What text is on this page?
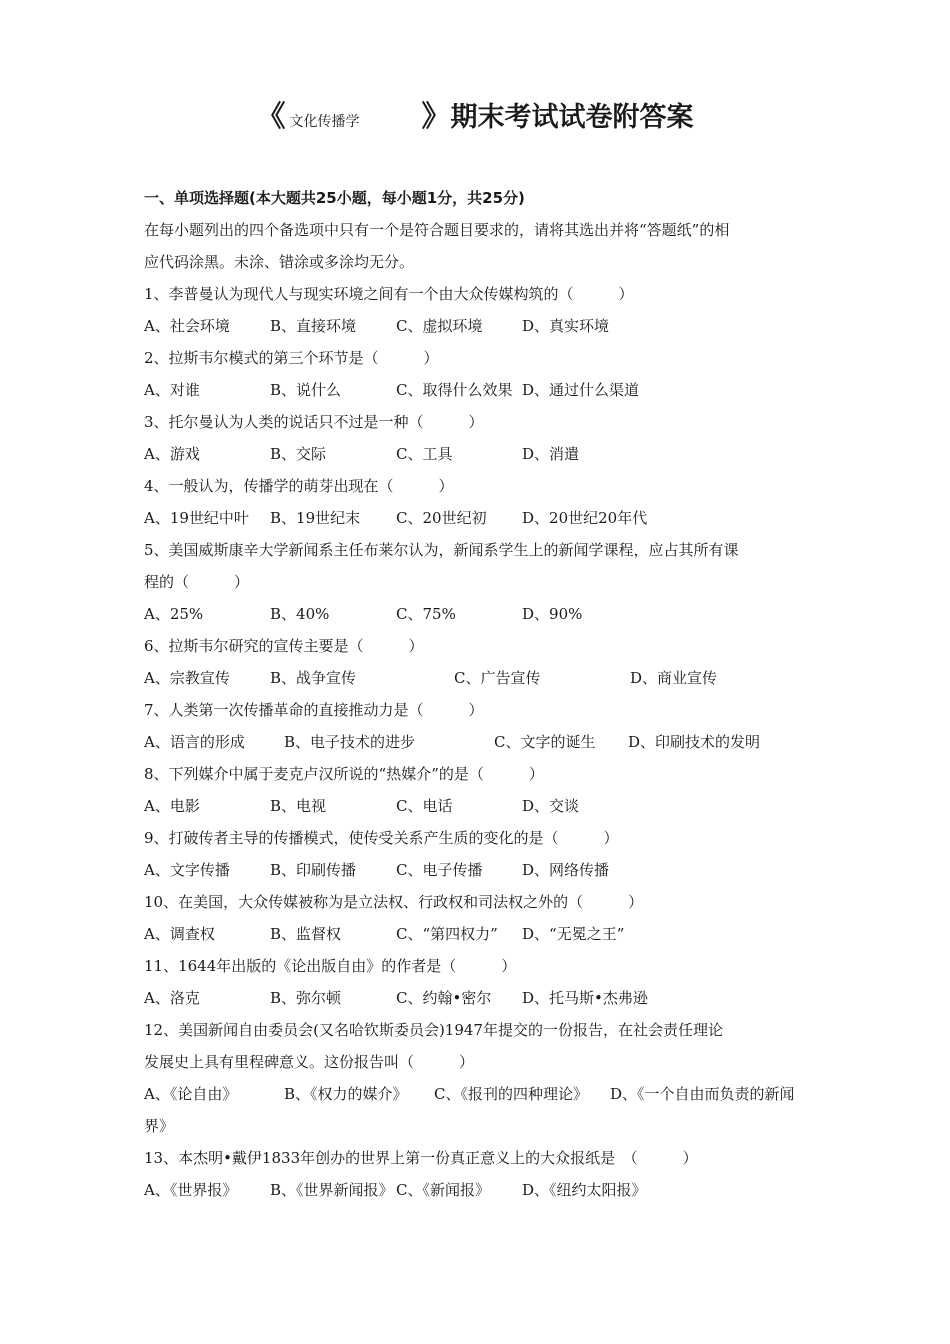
《 文化传播学 》期末考试试卷附答案
一、单项选择题(本大题共25小题，每小题1分，共25分)
在每小题列出的四个备选项中只有一个是符合题目要求的，请将其选出并将“答题纸”的相
应代码涂黑。未涂、错涂或多涂均无分。
1、李普曼认为现代人与现实环境之间有一个由大众传媒构筑的（　　　）
A、社会环境	B、直接环境	C、虚拟环境	D、真实环境
2、拉斯韦尔模式的第三个环节是（　　　）
A、对谁	B、说什么	C、取得什么效果 D、通过什么渠道
3、托尔曼认为人类的说话只不过是一种（　　　）
A、游戏	B、交际	C、工具	D、消遣
4、一般认为，传播学的萌芽出现在（　　　）
A、19世纪中叶 B、19世纪末 C、20世纪初 D、20世纪20年代
5、美国威斯康辛大学新闻系主任布莱尔认为，新闻系学生上的新闻学课程，应占其所有课
程的（　　　）
A、25%	B、40%	C、75%	D、90%
6、拉斯韦尔研究的宣传主要是（　　　）
A、宗教宣传	B、战争宣传	C、广告宣传	D、商业宣传
7、人类第一次传播革命的直接推动力是（　　　）
A、语言的形成	B、电子技术的进步	C、文字的诞生 D、印刷技术的发明
8、下列媒介中属于麦克卢汉所说的“热媒介”的是（　　　）
A、电影	B、电视	C、电话	D、交谈
9、打破传者主导的传播模式，使传受关系产生质的变化的是（　　　）
A、文字传播	B、印刷传播	C、电子传播	D、网络传播
10、在美国，大众传媒被称为是立法权、行政权和司法权之外的（　　　）
A、调查权	B、监督权	C、“第四权力” D、“无冕之王”
11、1644年出版的《论出版自由》的作者是（　　　）
A、洛克	B、弥尔顿	C、约翰•密尔 D、托马斯•杰弗逊
12、美国新闻自由委员会(又名哈钦斯委员会)1947年提交的一份报告，在社会责任理论
发展史上具有里程碑意义。这份报告叫（　　　）
A、《论自由》	B、《权力的媒介》 C、《报刊的四种理论》 D、《一个自由而负责的新闻
界》
13、本杰明•戴伊1833年创办的世界上第一份真正意义上的大众报纸是　（　　　）
A、《世界报》 B、《世界新闻报》 C、《新闻报》 D、《纽约太阳报》
